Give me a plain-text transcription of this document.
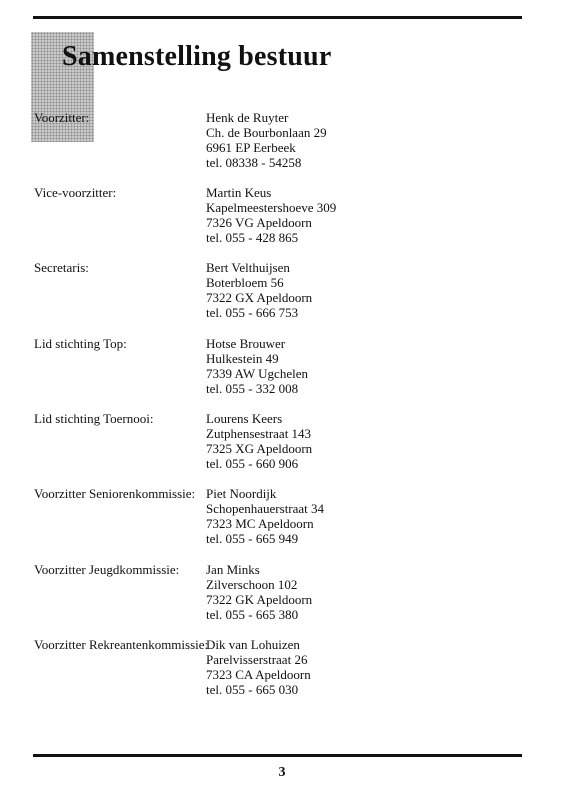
Samenstelling bestuur
Voorzitter:	Henk de Ruyter
Ch. de Bourbonlaan 29
6961 EP Eerbeek
tel. 08338 - 54258
Vice-voorzitter:	Martin Keus
Kapelmeestershoeve 309
7326 VG Apeldoorn
tel. 055 - 428 865
Secretaris:	Bert Velthuijsen
Boterbloem 56
7322 GX Apeldoorn
tel. 055 - 666 753
Lid stichting Top:	Hotse Brouwer
Hulkestein 49
7339 AW Ugchelen
tel. 055 - 332 008
Lid stichting Toernooi:	Lourens Keers
Zutphensestraat 143
7325 XG Apeldoorn
tel. 055 - 660 906
Voorzitter Seniorenkommissie: Piet Noordijk
Schopenhauerstraat 34
7323 MC Apeldoorn
tel. 055 - 665 949
Voorzitter Jeugdkommissie: Jan Minks
Zilverschoon 102
7322 GK Apeldoorn
tel. 055 - 665 380
Voorzitter Rekreantenkommissie:
Dik van Lohuizen
Parelvisserstraat 26
7323 CA Apeldoorn
tel. 055 - 665 030
3
